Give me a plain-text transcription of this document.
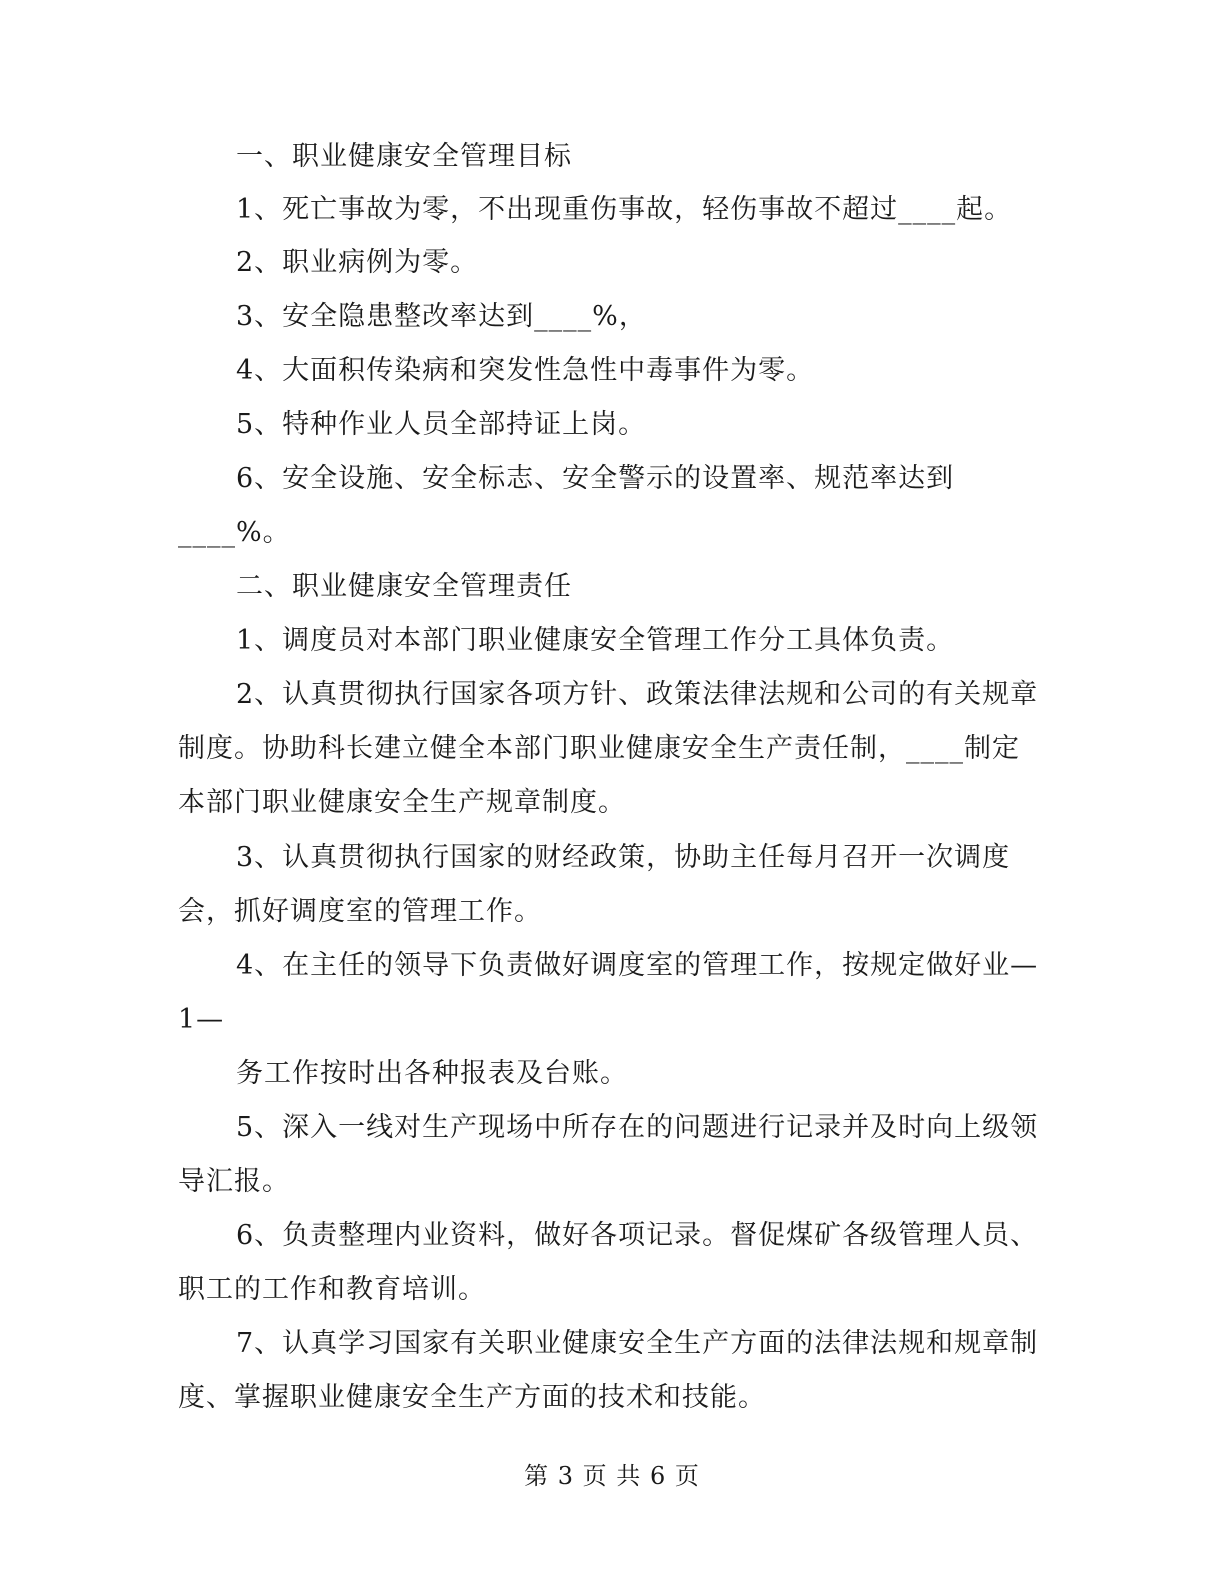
一、职业健康安全管理目标
1、死亡事故为零，不出现重伤事故，轻伤事故不超过____起。
2、职业病例为零。
3、安全隐患整改率达到____%，
4、大面积传染病和突发性急性中毒事件为零。
5、特种作业人员全部持证上岗。
6、安全设施、安全标志、安全警示的设置率、规范率达到
____%。
二、职业健康安全管理责任
1、调度员对本部门职业健康安全管理工作分工具体负责。
2、认真贯彻执行国家各项方针、政策法律法规和公司的有关规章
制度。协助科长建立健全本部门职业健康安全生产责任制，____制定
本部门职业健康安全生产规章制度。
3、认真贯彻执行国家的财经政策，协助主任每月召开一次调度
会，抓好调度室的管理工作。
4、在主任的领导下负责做好调度室的管理工作，按规定做好业—
1—
务工作按时出各种报表及台账。
5、深入一线对生产现场中所存在的问题进行记录并及时向上级领
导汇报。
6、负责整理内业资料，做好各项记录。督促煤矿各级管理人员、
职工的工作和教育培训。
7、认真学习国家有关职业健康安全生产方面的法律法规和规章制
度、掌握职业健康安全生产方面的技术和技能。
第 3 页 共 6 页
